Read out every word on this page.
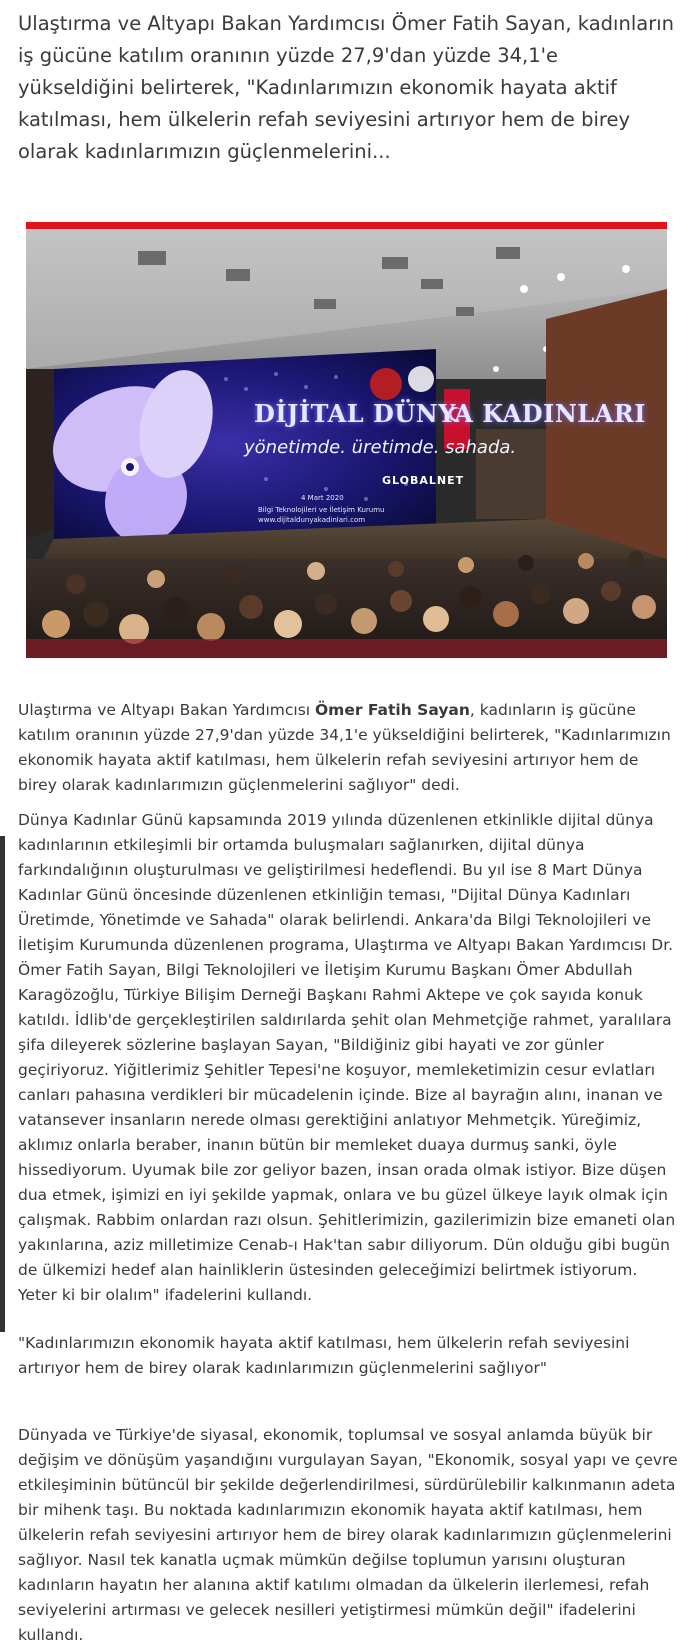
Ulaştırma ve Altyapı Bakan Yardımcısı Ömer Fatih Sayan, kadınların iş gücüne katılım oranının yüzde 27,9'dan yüzde 34,1'e yükseldiğini belirterek, "Kadınlarımızın ekonomik hayata aktif katılması, hem ülkelerin refah seviyesini artırıyor hem de birey olarak kadınlarımızın güçlenmelerini...

DİJİTAL DÜNYA KADINLARI
yönetimde. üretimde. sahada.
GLOBALNET
4 Mart 2020
Bilgi Teknolojileri ve İletişim Kurumu
www.dijitaldunyakadinlari.com

Ulaştırma ve Altyapı Bakan Yardımcısı Ömer Fatih Sayan, kadınların iş gücüne katılım oranının yüzde 27,9'dan yüzde 34,1'e yükseldiğini belirterek, "Kadınlarımızın ekonomik hayata aktif katılması, hem ülkelerin refah seviyesini artırıyor hem de birey olarak kadınlarımızın güçlenmelerini sağlıyor" dedi.

Dünya Kadınlar Günü kapsamında 2019 yılında düzenlenen etkinlikle dijital dünya kadınlarının etkileşimli bir ortamda buluşmaları sağlanırken, dijital dünya farkındalığının oluşturulması ve geliştirilmesi hedeflendi. Bu yıl ise 8 Mart Dünya Kadınlar Günü öncesinde düzenlenen etkinliğin teması, "Dijital Dünya Kadınları Üretimde, Yönetimde ve Sahada" olarak belirlendi. Ankara'da Bilgi Teknolojileri ve İletişim Kurumunda düzenlenen programa, Ulaştırma ve Altyapı Bakan Yardımcısı Dr. Ömer Fatih Sayan, Bilgi Teknolojileri ve İletişim Kurumu Başkanı Ömer Abdullah Karagözoğlu, Türkiye Bilişim Derneği Başkanı Rahmi Aktepe ve çok sayıda konuk katıldı. İdlib'de gerçekleştirilen saldırılarda şehit olan Mehmetçiğe rahmet, yaralılara şifa dileyerek sözlerine başlayan Sayan, "Bildiğiniz gibi hayati ve zor günler geçiriyoruz. Yiğitlerimiz Şehitler Tepesi'ne koşuyor, memleketimizin cesur evlatları canları pahasına verdikleri bir mücadelenin içinde. Bize al bayrağın alını, inanan ve vatansever insanların nerede olması gerektiğini anlatıyor Mehmetçik. Yüreğimiz, aklımız onlarla beraber, inanın bütün bir memleket duaya durmuş sanki, öyle hissediyorum. Uyumak bile zor geliyor bazen, insan orada olmak istiyor. Bize düşen dua etmek, işimizi en iyi şekilde yapmak, onlara ve bu güzel ülkeye layık olmak için çalışmak. Rabbim onlardan razı olsun. Şehitlerimizin, gazilerimizin bize emaneti olan yakınlarına, aziz milletimize Cenab-ı Hak'tan sabır diliyorum. Dün olduğu gibi bugün de ülkemizi hedef alan hainliklerin üstesinden geleceğimizi belirtmek istiyorum. Yeter ki bir olalım" ifadelerini kullandı.

"Kadınlarımızın ekonomik hayata aktif katılması, hem ülkelerin refah seviyesini artırıyor hem de birey olarak kadınlarımızın güçlenmelerini sağlıyor"

Dünyada ve Türkiye'de siyasal, ekonomik, toplumsal ve sosyal anlamda büyük bir değişim ve dönüşüm yaşandığını vurgulayan Sayan, "Ekonomik, sosyal yapı ve çevre etkileşiminin bütüncül bir şekilde değerlendirilmesi, sürdürülebilir kalkınmanın adeta bir mihenk taşı. Bu noktada kadınlarımızın ekonomik hayata aktif katılması, hem ülkelerin refah seviyesini artırıyor hem de birey olarak kadınlarımızın güçlenmelerini sağlıyor. Nasıl tek kanatla uçmak mümkün değilse toplumun yarısını oluşturan kadınların hayatın her alanına aktif katılımı olmadan da ülkelerin ilerlemesi, refah seviyelerini artırması ve gelecek nesilleri yetiştirmesi mümkün değil" ifadelerini kullandı.
